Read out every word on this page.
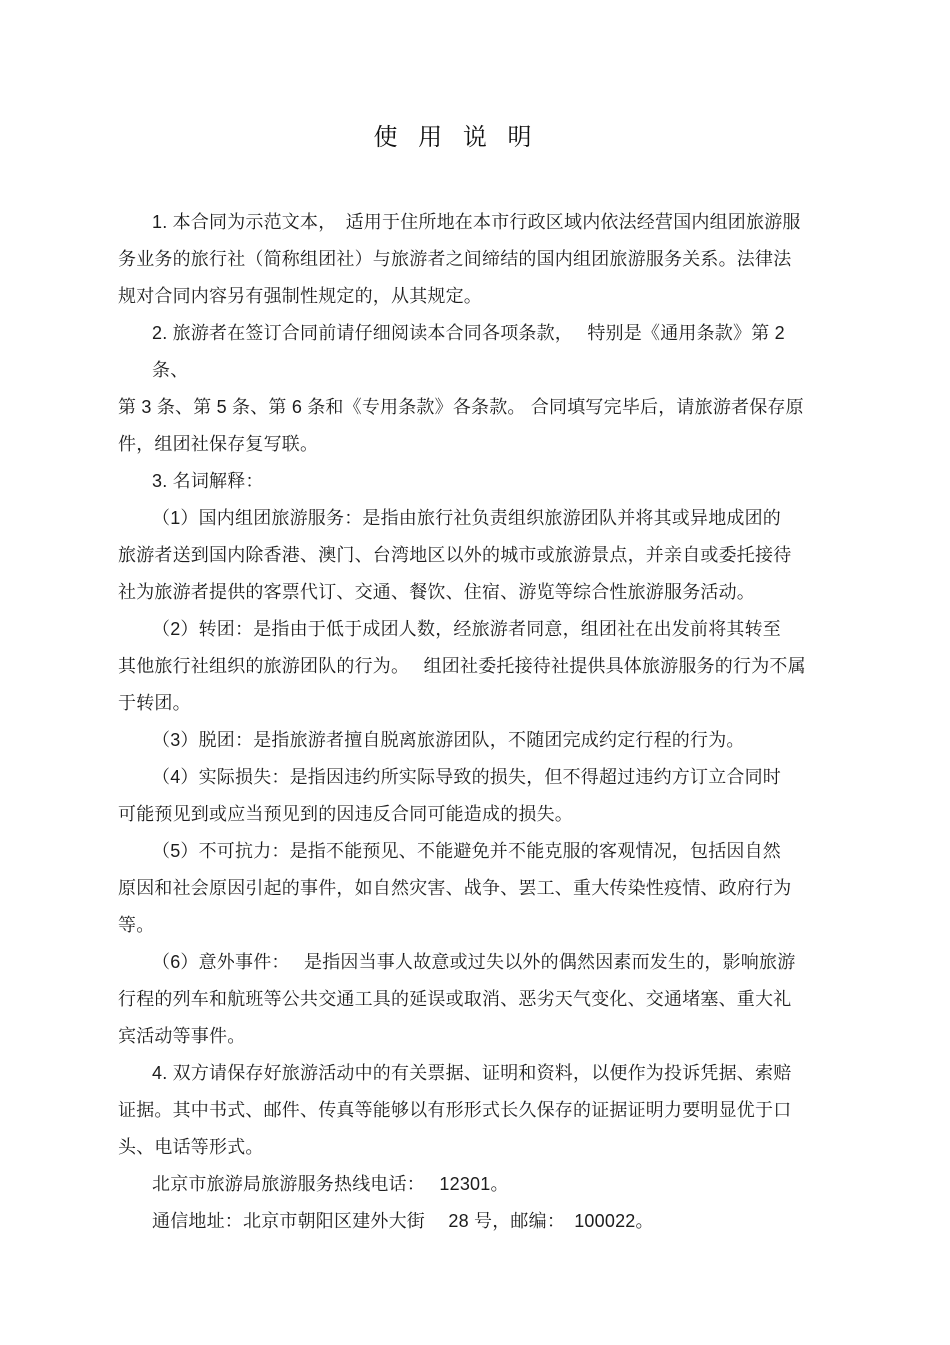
使 用 说 明

1. 本合同为示范文本，　适用于住所地在本市行政区域内依法经营国内组团旅游服
务业务的旅行社（简称组团社）与旅游者之间缔结的国内组团旅游服务关系。法律法
规对合同内容另有强制性规定的，从其规定。

2. 旅游者在签订合同前请仔细阅读本合同各项条款，　 特别是《通用条款》第 2 条、
第 3 条、第 5 条、第 6 条和《专用条款》各条款。 合同填写完毕后，请旅游者保存原
件，组团社保存复写联。

3. 名词解释：

（1）国内组团旅游服务：是指由旅行社负责组织旅游团队并将其或异地成团的
旅游者送到国内除香港、澳门、台湾地区以外的城市或旅游景点，并亲自或委托接待
社为旅游者提供的客票代订、交通、餐饮、住宿、游览等综合性旅游服务活动。

（2）转团：是指由于低于成团人数，经旅游者同意，组团社在出发前将其转至
其他旅行社组织的旅游团队的行为。　 组团社委托接待社提供具体旅游服务的行为不属
于转团。

（3）脱团：是指旅游者擅自脱离旅游团队，不随团完成约定行程的行为。

（4）实际损失：是指因违约所实际导致的损失，但不得超过违约方订立合同时
可能预见到或应当预见到的因违反合同可能造成的损失。

（5）不可抗力：是指不能预见、不能避免并不能克服的客观情况，包括因自然
原因和社会原因引起的事件，如自然灾害、战争、罢工、重大传染性疫情、政府行为
等。

（6）意外事件：　 是指因当事人故意或过失以外的偶然因素而发生的，影响旅游
行程的列车和航班等公共交通工具的延误或取消、恶劣天气变化、交通堵塞、重大礼
宾活动等事件。

4. 双方请保存好旅游活动中的有关票据、证明和资料，以便作为投诉凭据、索赔
证据。其中书式、邮件、传真等能够以有形形式长久保存的证据证明力要明显优于口
头、电话等形式。

北京市旅游局旅游服务热线电话：　 12301。

通信地址：北京市朝阳区建外大街　 28 号，邮编：　100022。
